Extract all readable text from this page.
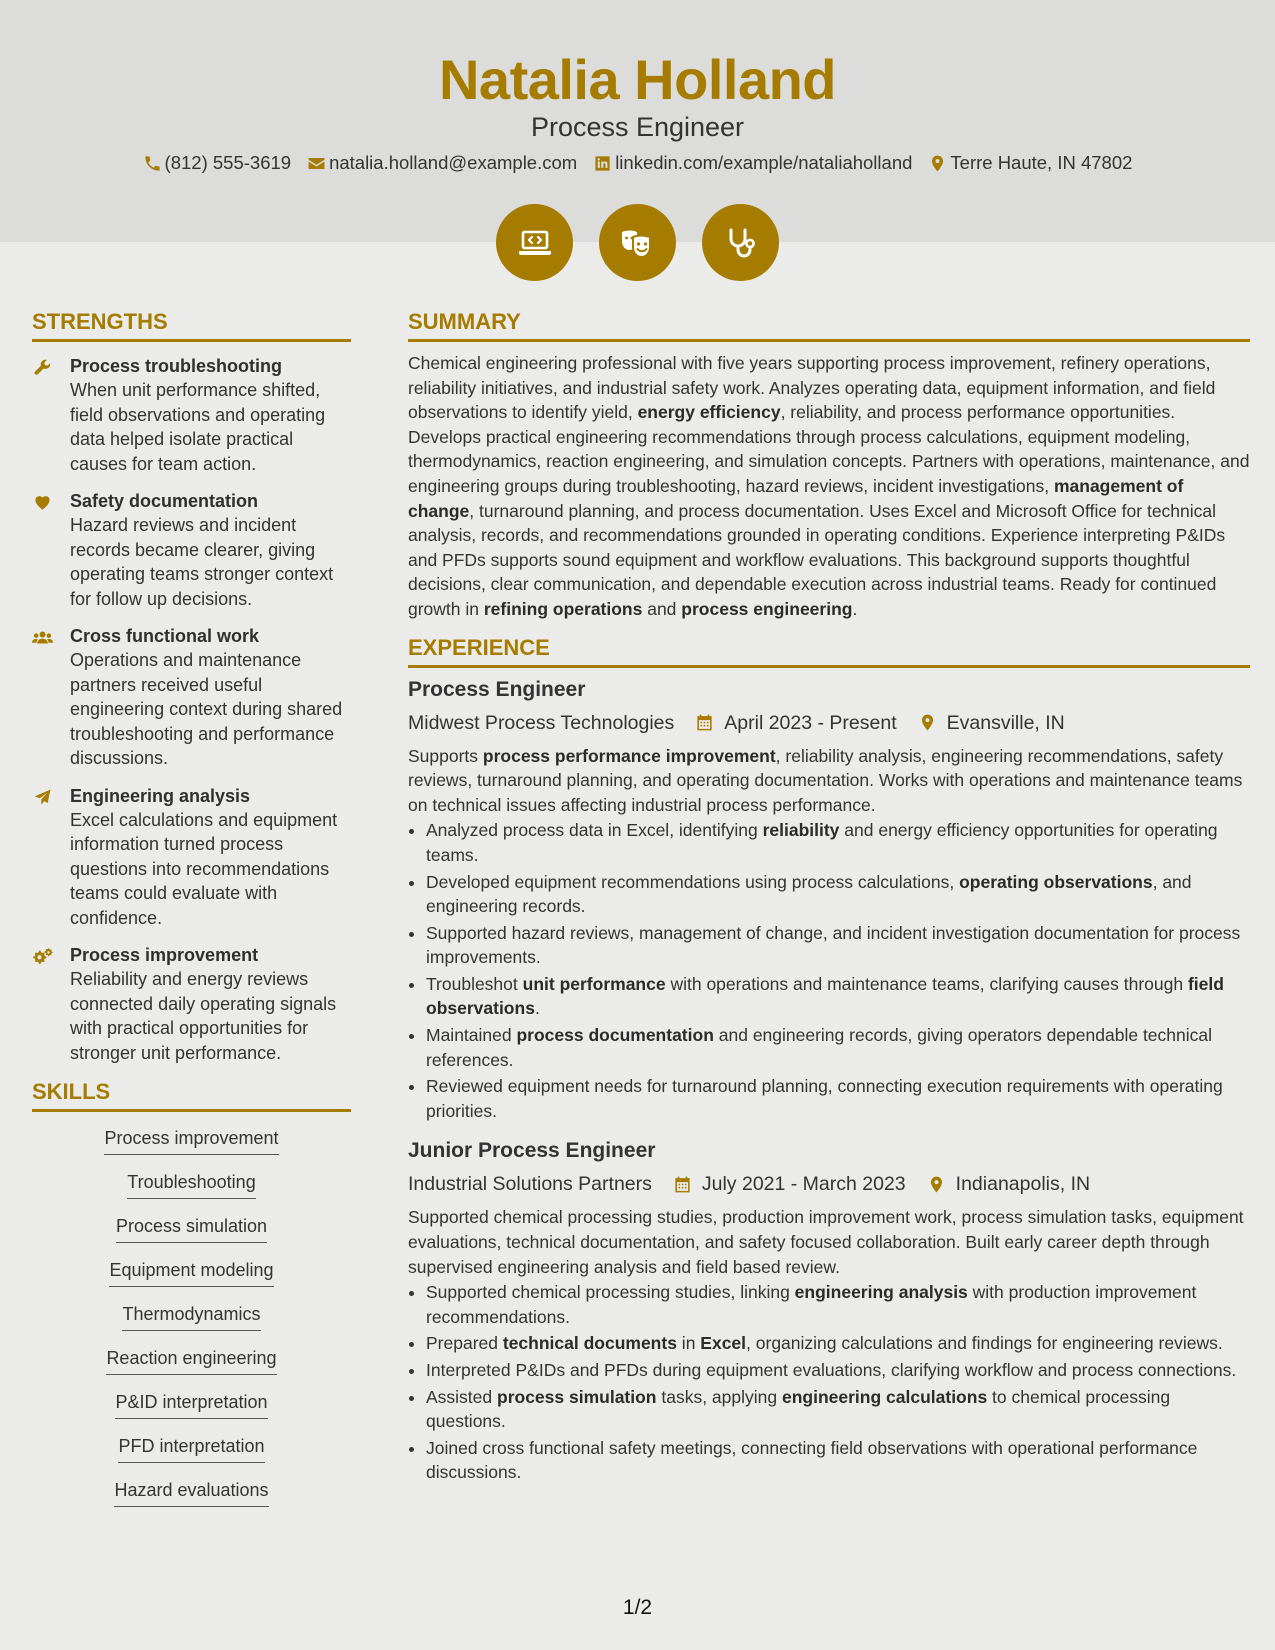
Natalia Holland
Process Engineer
(812) 555-3619 natalia.holland@example.com linkedin.com/example/nataliaholland Terre Haute, IN 47802
STRENGTHS
Process troubleshooting
When unit performance shifted, field observations and operating data helped isolate practical causes for team action.
Safety documentation
Hazard reviews and incident records became clearer, giving operating teams stronger context for follow up decisions.
Cross functional work
Operations and maintenance partners received useful engineering context during shared troubleshooting and performance discussions.
Engineering analysis
Excel calculations and equipment information turned process questions into recommendations teams could evaluate with confidence.
Process improvement
Reliability and energy reviews connected daily operating signals with practical opportunities for stronger unit performance.
SKILLS
Process improvement
Troubleshooting
Process simulation
Equipment modeling
Thermodynamics
Reaction engineering
P&ID interpretation
PFD interpretation
Hazard evaluations
SUMMARY
Chemical engineering professional with five years supporting process improvement, refinery operations, reliability initiatives, and industrial safety work. Analyzes operating data, equipment information, and field observations to identify yield, energy efficiency, reliability, and process performance opportunities. Develops practical engineering recommendations through process calculations, equipment modeling, thermodynamics, reaction engineering, and simulation concepts. Partners with operations, maintenance, and engineering groups during troubleshooting, hazard reviews, incident investigations, management of change, turnaround planning, and process documentation. Uses Excel and Microsoft Office for technical analysis, records, and recommendations grounded in operating conditions. Experience interpreting P&IDs and PFDs supports sound equipment and workflow evaluations. This background supports thoughtful decisions, clear communication, and dependable execution across industrial teams. Ready for continued growth in refining operations and process engineering.
EXPERIENCE
Process Engineer
Midwest Process Technologies	April 2023 - Present	Evansville, IN
Supports process performance improvement, reliability analysis, engineering recommendations, safety reviews, turnaround planning, and operating documentation. Works with operations and maintenance teams on technical issues affecting industrial process performance.
• Analyzed process data in Excel, identifying reliability and energy efficiency opportunities for operating teams.
• Developed equipment recommendations using process calculations, operating observations, and engineering records.
• Supported hazard reviews, management of change, and incident investigation documentation for process improvements.
• Troubleshot unit performance with operations and maintenance teams, clarifying causes through field observations.
• Maintained process documentation and engineering records, giving operators dependable technical references.
• Reviewed equipment needs for turnaround planning, connecting execution requirements with operating priorities.
Junior Process Engineer
Industrial Solutions Partners	July 2021 - March 2023	Indianapolis, IN
Supported chemical processing studies, production improvement work, process simulation tasks, equipment evaluations, technical documentation, and safety focused collaboration. Built early career depth through supervised engineering analysis and field based review.
• Supported chemical processing studies, linking engineering analysis with production improvement recommendations.
• Prepared technical documents in Excel, organizing calculations and findings for engineering reviews.
• Interpreted P&IDs and PFDs during equipment evaluations, clarifying workflow and process connections.
• Assisted process simulation tasks, applying engineering calculations to chemical processing questions.
• Joined cross functional safety meetings, connecting field observations with operational performance discussions.
1/2
